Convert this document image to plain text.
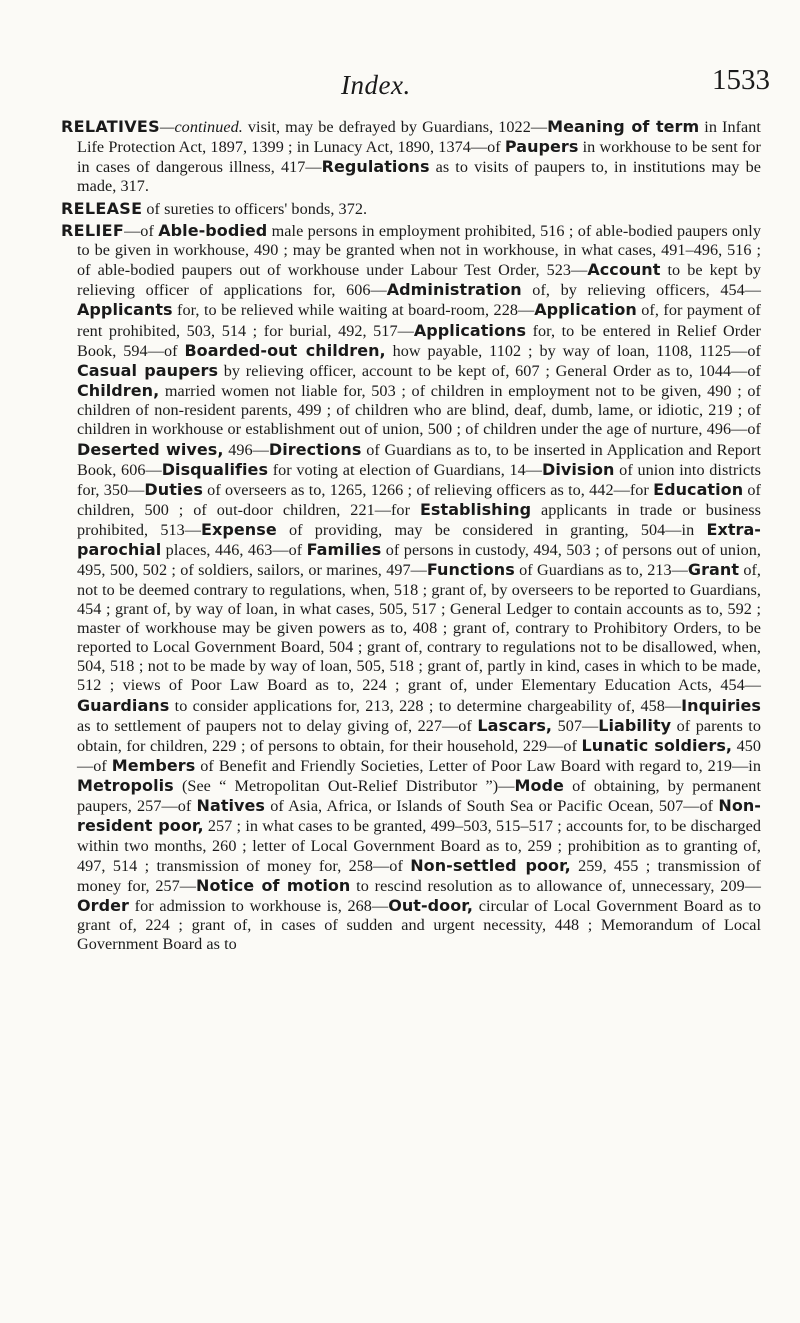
Index.	1533

RELATIVES—continued. visit, may be defrayed by Guardians, 1022—Meaning of term in Infant Life Protection Act, 1897, 1399 ; in Lunacy Act, 1890, 1374—of Paupers in workhouse to be sent for in cases of dangerous illness, 417—Regulations as to visits of paupers to, in institutions may be made, 317.

RELEASE of sureties to officers' bonds, 372.

RELIEF—of Able-bodied male persons in employment prohibited, 516 ; of able-bodied paupers only to be given in workhouse, 490 ; may be granted when not in workhouse, in what cases, 491–496, 516 ; of able-bodied paupers out of workhouse under Labour Test Order, 523—Account to be kept by relieving officer of applications for, 606—Administration of, by relieving officers, 454—Applicants for, to be relieved while waiting at board-room, 228—Application of, for payment of rent prohibited, 503, 514 ; for burial, 492, 517—Applications for, to be entered in Relief Order Book, 594—of Boarded-out children, how payable, 1102 ; by way of loan, 1108, 1125—of Casual paupers by relieving officer, account to be kept of, 607 ; General Order as to, 1044—of Children, married women not liable for, 503 ; of children in employment not to be given, 490 ; of children of non-resident parents, 499 ; of children who are blind, deaf, dumb, lame, or idiotic, 219 ; of children in workhouse or establishment out of union, 500 ; of children under the age of nurture, 496—of Deserted wives, 496—Directions of Guardians as to, to be inserted in Application and Report Book, 606—Disqualifies for voting at election of Guardians, 14—Division of union into districts for, 350—Duties of overseers as to, 1265, 1266 ; of relieving officers as to, 442—for Education of children, 500 ; of out-door children, 221—for Establishing applicants in trade or business prohibited, 513—Expense of providing, may be considered in granting, 504—in Extra-parochial places, 446, 463—of Families of persons in custody, 494, 503 ; of persons out of union, 495, 500, 502 ; of soldiers, sailors, or marines, 497—Functions of Guardians as to, 213—Grant of, not to be deemed contrary to regulations, when, 518 ; grant of, by overseers to be reported to Guardians, 454 ; grant of, by way of loan, in what cases, 505, 517 ; General Ledger to contain accounts as to, 592 ; master of workhouse may be given powers as to, 408 ; grant of, contrary to Prohibitory Orders, to be reported to Local Government Board, 504 ; grant of, contrary to regulations not to be disallowed, when, 504, 518 ; not to be made by way of loan, 505, 518 ; grant of, partly in kind, cases in which to be made, 512 ; views of Poor Law Board as to, 224 ; grant of, under Elementary Education Acts, 454—Guardians to consider applications for, 213, 228 ; to determine chargeability of, 458—Inquiries as to settlement of paupers not to delay giving of, 227—of Lascars, 507—Liability of parents to obtain, for children, 229 ; of persons to obtain, for their household, 229—of Lunatic soldiers, 450—of Members of Benefit and Friendly Societies, Letter of Poor Law Board with regard to, 219—in Metropolis (See “ Metropolitan Out-Relief Distributor ”)—Mode of obtaining, by permanent paupers, 257—of Natives of Asia, Africa, or Islands of South Sea or Pacific Ocean, 507—of Non-resident poor, 257 ; in what cases to be granted, 499–503, 515–517 ; accounts for, to be discharged within two months, 260 ; letter of Local Government Board as to, 259 ; prohibition as to granting of, 497, 514 ; transmission of money for, 258—of Non-settled poor, 259, 455 ; transmission of money for, 257—Notice of motion to rescind resolution as to allowance of, unnecessary, 209—Order for admission to workhouse is, 268—Out-door, circular of Local Government Board as to grant of, 224 ; grant of, in cases of sudden and urgent necessity, 448 ; Memorandum of Local Government Board as to
